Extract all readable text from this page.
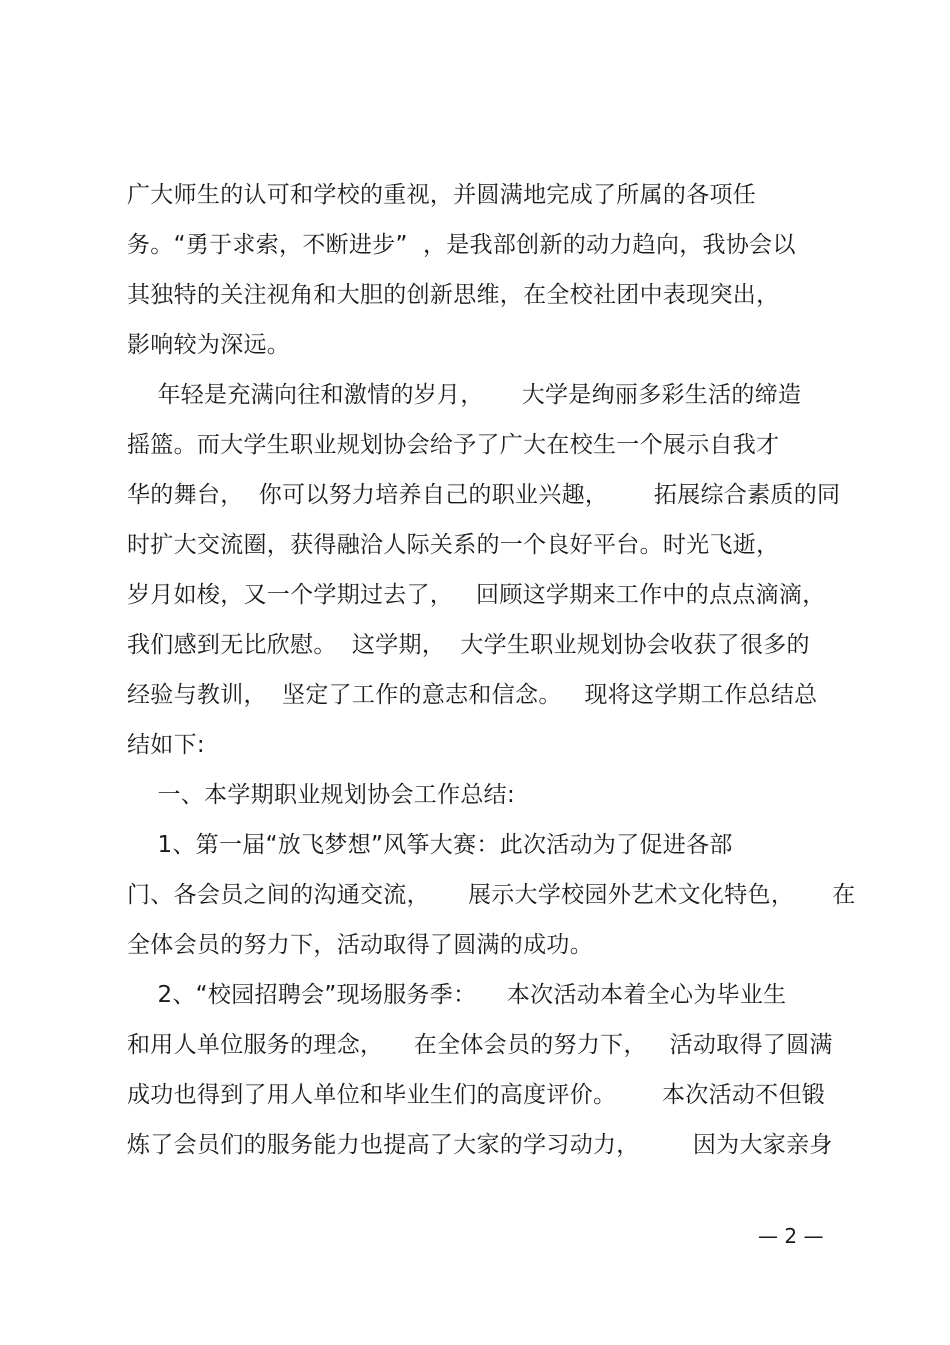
广大师生的认可和学校的重视，并圆满地完成了所属的各项任
务。“勇于求索，不断进步”  ，是我部创新的动力趋向，我协会以
其独特的关注视角和大胆的创新思维，在全校社团中表现突出，
影响较为深远。
年轻是充满向往和激情的岁月，     大学是绚丽多彩生活的缔造
摇篮。而大学生职业规划协会给予了广大在校生一个展示自我才
华的舞台，  你可以努力培养自己的职业兴趣，      拓展综合素质的同
时扩大交流圈，获得融洽人际关系的一个良好平台。时光飞逝，
岁月如梭，又一个学期过去了，   回顾这学期来工作中的点点滴滴，
我们感到无比欣慰。  这学期，  大学生职业规划协会收获了很多的
经验与教训，  坚定了工作的意志和信念。   现将这学期工作总结总
结如下:
一、本学期职业规划协会工作总结:
1、第一届“放飞梦想”风筝大赛：此次活动为了促进各部
门、各会员之间的沟通交流，     展示大学校园外艺术文化特色，     在
全体会员的努力下，活动取得了圆满的成功。
2、“校园招聘会”现场服务季：    本次活动本着全心为毕业生
和用人单位服务的理念，    在全体会员的努力下，   活动取得了圆满
成功也得到了用人单位和毕业生们的高度评价。      本次活动不但锻
炼了会员们的服务能力也提高了大家的学习动力，       因为大家亲身
— 2 —
